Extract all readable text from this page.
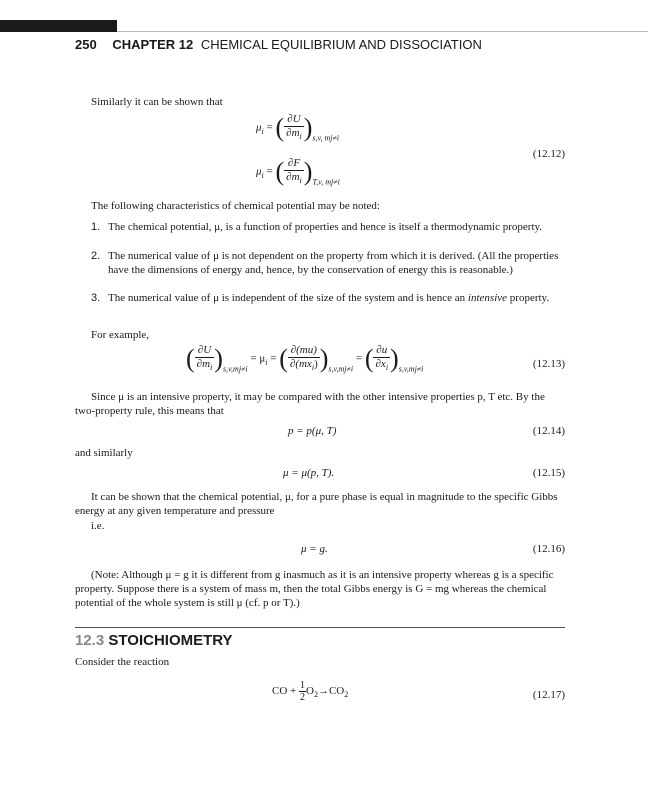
250 CHAPTER 12 CHEMICAL EQUILIBRIUM AND DISSOCIATION
Similarly it can be shown that
$\mu_i$ = ( $\frac{\partial U}{\partial m_i} )_{s,v, mj\ne i}$
$\mu_i$ = ( $\frac{\partial F}{\partial m_i} )_{T,v, mj\ne i}$
(12.12)
The following characteristics of chemical potential may be noted:
1. The chemical potential, μ, is a function of properties and hence is itself a thermodynamic property.
2. The numerical value of μ is not dependent on the property from which it is derived. (All the properties have the dimensions of energy and, hence, by the conservation of energy this is reasonable.)
3. The numerical value of μ is independent of the size of the system and is hence an intensive property.
For example,
( $\frac{\partial U}{\partial m_i} )_{s,v,mj\ne i} = \mu_i$ = ( $\frac{\partial(mu)}{\partial(mx_i)} )_{s,v,mj\ne i}$ = ( $\frac{\partial u}{\partial x_i} )_{s,v,mj\ne i}$	(12.13)
Since μ is an intensive property, it may be compared with the other intensive properties p, T etc. By the two-property rule, this means that
p = p(μ, T)	(12.14)
and similarly
μ = μ(p, T).	(12.15)
It can be shown that the chemical potential, μ, for a pure phase is equal in magnitude to the specific Gibbs energy at any given temperature and pressure
i.e.
μ = g.	(12.16)
(Note: Although μ = g it is different from g inasmuch as it is an intensive property whereas g is a specific property. Suppose there is a system of mass m, then the total Gibbs energy is G = mg whereas the chemical potential of the whole system is still μ (cf. p or T).)
12.3 STOICHIOMETRY
Consider the reaction
CO + $\frac{1}{2} O_2\to CO_2$	(12.17)
